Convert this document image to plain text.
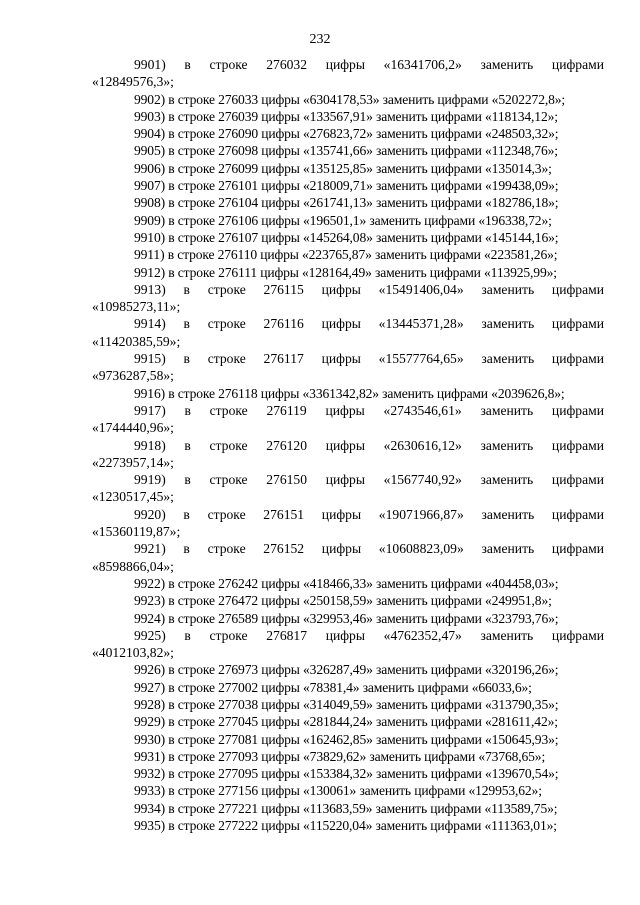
232
9901) в строке 276032 цифры «16341706,2» заменить цифрами
«12849576,3»;
9902) в строке 276033 цифры «6304178,53» заменить цифрами «5202272,8»;
9903) в строке 276039 цифры «133567,91» заменить цифрами «118134,12»;
9904) в строке 276090 цифры «276823,72» заменить цифрами «248503,32»;
9905) в строке 276098 цифры «135741,66» заменить цифрами «112348,76»;
9906) в строке 276099 цифры «135125,85» заменить цифрами «135014,3»;
9907) в строке 276101 цифры «218009,71» заменить цифрами «199438,09»;
9908) в строке 276104 цифры «261741,13» заменить цифрами «182786,18»;
9909) в строке 276106 цифры «196501,1» заменить цифрами «196338,72»;
9910) в строке 276107 цифры «145264,08» заменить цифрами «145144,16»;
9911) в строке 276110 цифры «223765,87» заменить цифрами «223581,26»;
9912) в строке 276111 цифры «128164,49» заменить цифрами «113925,99»;
9913) в строке 276115 цифры «15491406,04» заменить цифрами
«10985273,11»;
9914) в строке 276116 цифры «13445371,28» заменить цифрами
«11420385,59»;
9915) в строке 276117 цифры «15577764,65» заменить цифрами
«9736287,58»;
9916) в строке 276118 цифры «3361342,82» заменить цифрами «2039626,8»;
9917) в строке 276119 цифры «2743546,61» заменить цифрами
«1744440,96»;
9918) в строке 276120 цифры «2630616,12» заменить цифрами
«2273957,14»;
9919) в строке 276150 цифры «1567740,92» заменить цифрами
«1230517,45»;
9920) в строке 276151 цифры «19071966,87» заменить цифрами
«15360119,87»;
9921) в строке 276152 цифры «10608823,09» заменить цифрами
«8598866,04»;
9922) в строке 276242 цифры «418466,33» заменить цифрами «404458,03»;
9923) в строке 276472 цифры «250158,59» заменить цифрами «249951,8»;
9924) в строке 276589 цифры «329953,46» заменить цифрами «323793,76»;
9925) в строке 276817 цифры «4762352,47» заменить цифрами
«4012103,82»;
9926) в строке 276973 цифры «326287,49» заменить цифрами «320196,26»;
9927) в строке 277002 цифры «78381,4» заменить цифрами «66033,6»;
9928) в строке 277038 цифры «314049,59» заменить цифрами «313790,35»;
9929) в строке 277045 цифры «281844,24» заменить цифрами «281611,42»;
9930) в строке 277081 цифры «162462,85» заменить цифрами «150645,93»;
9931) в строке 277093 цифры «73829,62» заменить цифрами «73768,65»;
9932) в строке 277095 цифры «153384,32» заменить цифрами «139670,54»;
9933) в строке 277156 цифры «130061» заменить цифрами «129953,62»;
9934) в строке 277221 цифры «113683,59» заменить цифрами «113589,75»;
9935) в строке 277222 цифры «115220,04» заменить цифрами «111363,01»;
